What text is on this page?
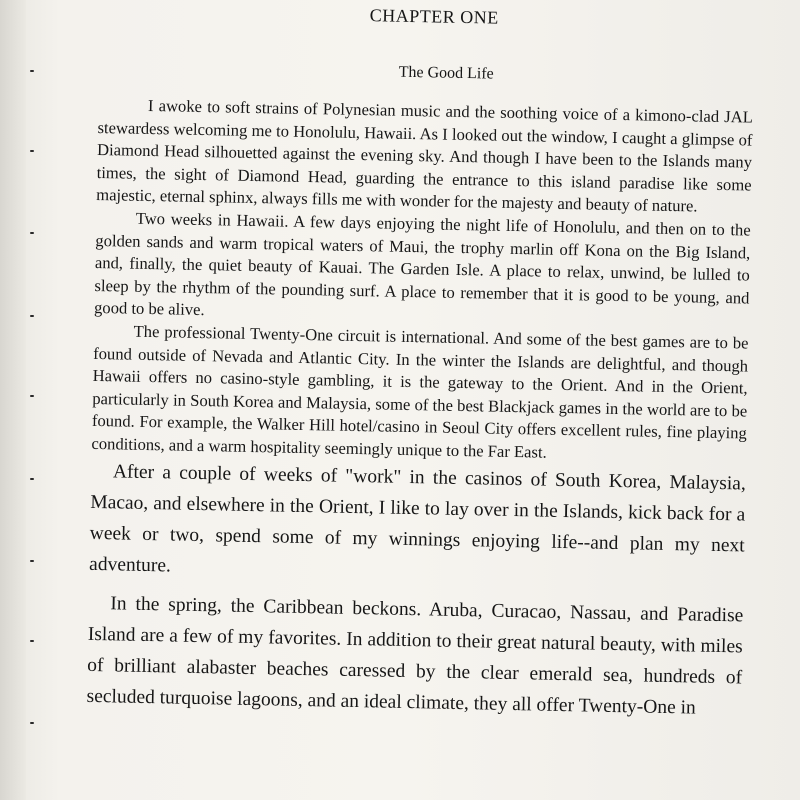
CHAPTER ONE
The Good Life

I awoke to soft strains of Polynesian music and the soothing voice of a kimono-clad JAL stewardess welcoming me to Honolulu, Hawaii. As I looked out the window, I caught a glimpse of Diamond Head silhouetted against the evening sky. And though I have been to the Islands many times, the sight of Diamond Head, guarding the entrance to this island paradise like some majestic, eternal sphinx, always fills me with wonder for the majesty and beauty of nature.

Two weeks in Hawaii. A few days enjoying the night life of Honolulu, and then on to the golden sands and warm tropical waters of Maui, the trophy marlin off Kona on the Big Island, and, finally, the quiet beauty of Kauai. The Garden Isle. A place to relax, unwind, be lulled to sleep by the rhythm of the pounding surf. A place to remember that it is good to be young, and good to be alive.

The professional Twenty-One circuit is international. And some of the best games are to be found outside of Nevada and Atlantic City. In the winter the Islands are delightful, and though Hawaii offers no casino-style gambling, it is the gateway to the Orient. And in the Orient, particularly in South Korea and Malaysia, some of the best Blackjack games in the world are to be found. For example, the Walker Hill hotel/casino in Seoul City offers excellent rules, fine playing conditions, and a warm hospitality seemingly unique to the Far East.

After a couple of weeks of "work" in the casinos of South Korea, Malaysia, Macao, and elsewhere in the Orient, I like to lay over in the Islands, kick back for a week or two, spend some of my winnings enjoying life--and plan my next adventure.

In the spring, the Caribbean beckons. Aruba, Curacao, Nassau, and Paradise Island are a few of my favorites. In addition to their great natural beauty, with miles of brilliant alabaster beaches caressed by the clear emerald sea, hundreds of secluded turquoise lagoons, and an ideal climate, they all offer Twenty-One in
